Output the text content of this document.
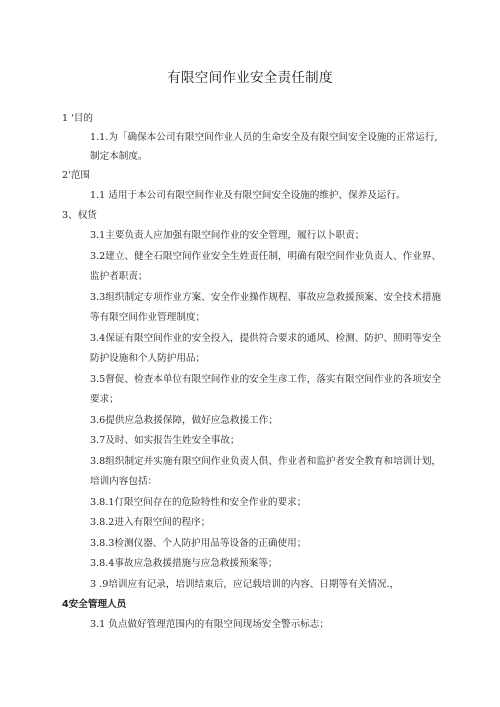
有限空间作业安全责任制度
1 '目的
1.1.为「确保本公司有限空间作业人员的生命安全及有限空间安全设施的正常运行,
制定本制度。
2'范围
1.1 适用于本公司有限空间作业及有限空间安全设施的维护、保养及运行。
3、权货
3.1主要负责人应加强有限空间作业的安全管理，履行以卜职责；
3.2建立、健全石限空间作业安全生姓责任制，明确有限空间作业负责人、作业界、
监护者职责；
3.3组织制定专项作业方案、安全作业操作规程、事故应急救援预案、安全技术措施
等有限空间作业管理制度；
3.4保证有限空间作业的安全投入，提供符合要求的通风、检测、防护、照明等安全
防护设施和个人防护用品；
3.5督促、检查本单位有限空间作业的安全生彦工作，落实有限空间作业的各项安全
要求；
3.6提供应急救援保障，做好应急救援工作；
3.7及时、如实报告生姓安全事故；
3.8组织制定并实施有限空间作业负责人俱、作业者和监护者安全教育和培训计划，
培训内容包括：
3.8.1仃限空间存在的危险特性和安全作业的要求；
3.8.2进入有限空间的程序；
3.8.3检测仪器、个人防护用品等设备的正确使用；
3.8.4事故应急救援措施与应急救援预案等；
3 .9培训应有记录，培训结束后，应记载培训的内容、日期等有关情况.，
4安全管理人员
3.1 负点做好管理范围内的有限空间现场安全警示标志；
